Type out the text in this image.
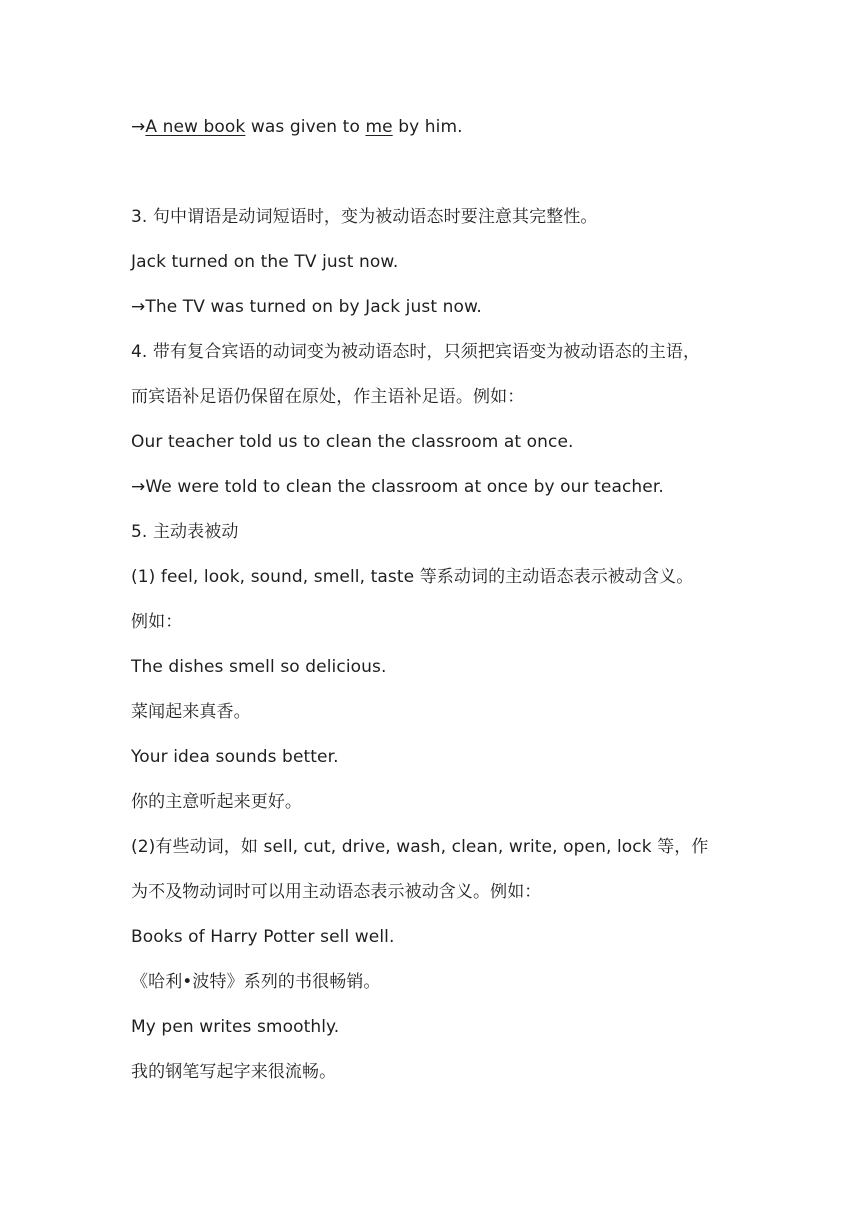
→A new book was given to me by him.
3. 句中谓语是动词短语时，变为被动语态时要注意其完整性。
Jack turned on the TV just now.
→The TV was turned on by Jack just now.
4. 带有复合宾语的动词变为被动语态时，只须把宾语变为被动语态的主语，
而宾语补足语仍保留在原处，作主语补足语。例如：
Our teacher told us to clean the classroom at once.
→We were told to clean the classroom at once by our teacher.
5. 主动表被动
(1) feel, look, sound, smell, taste 等系动词的主动语态表示被动含义。
例如：
The dishes smell so delicious.
菜闻起来真香。
Your idea sounds better.
你的主意听起来更好。
(2)有些动词，如 sell, cut, drive, wash, clean, write, open, lock 等，作
为不及物动词时可以用主动语态表示被动含义。例如：
Books of Harry Potter sell well.
《哈利•波特》系列的书很畅销。
My pen writes smoothly.
我的钢笔写起字来很流畅。
